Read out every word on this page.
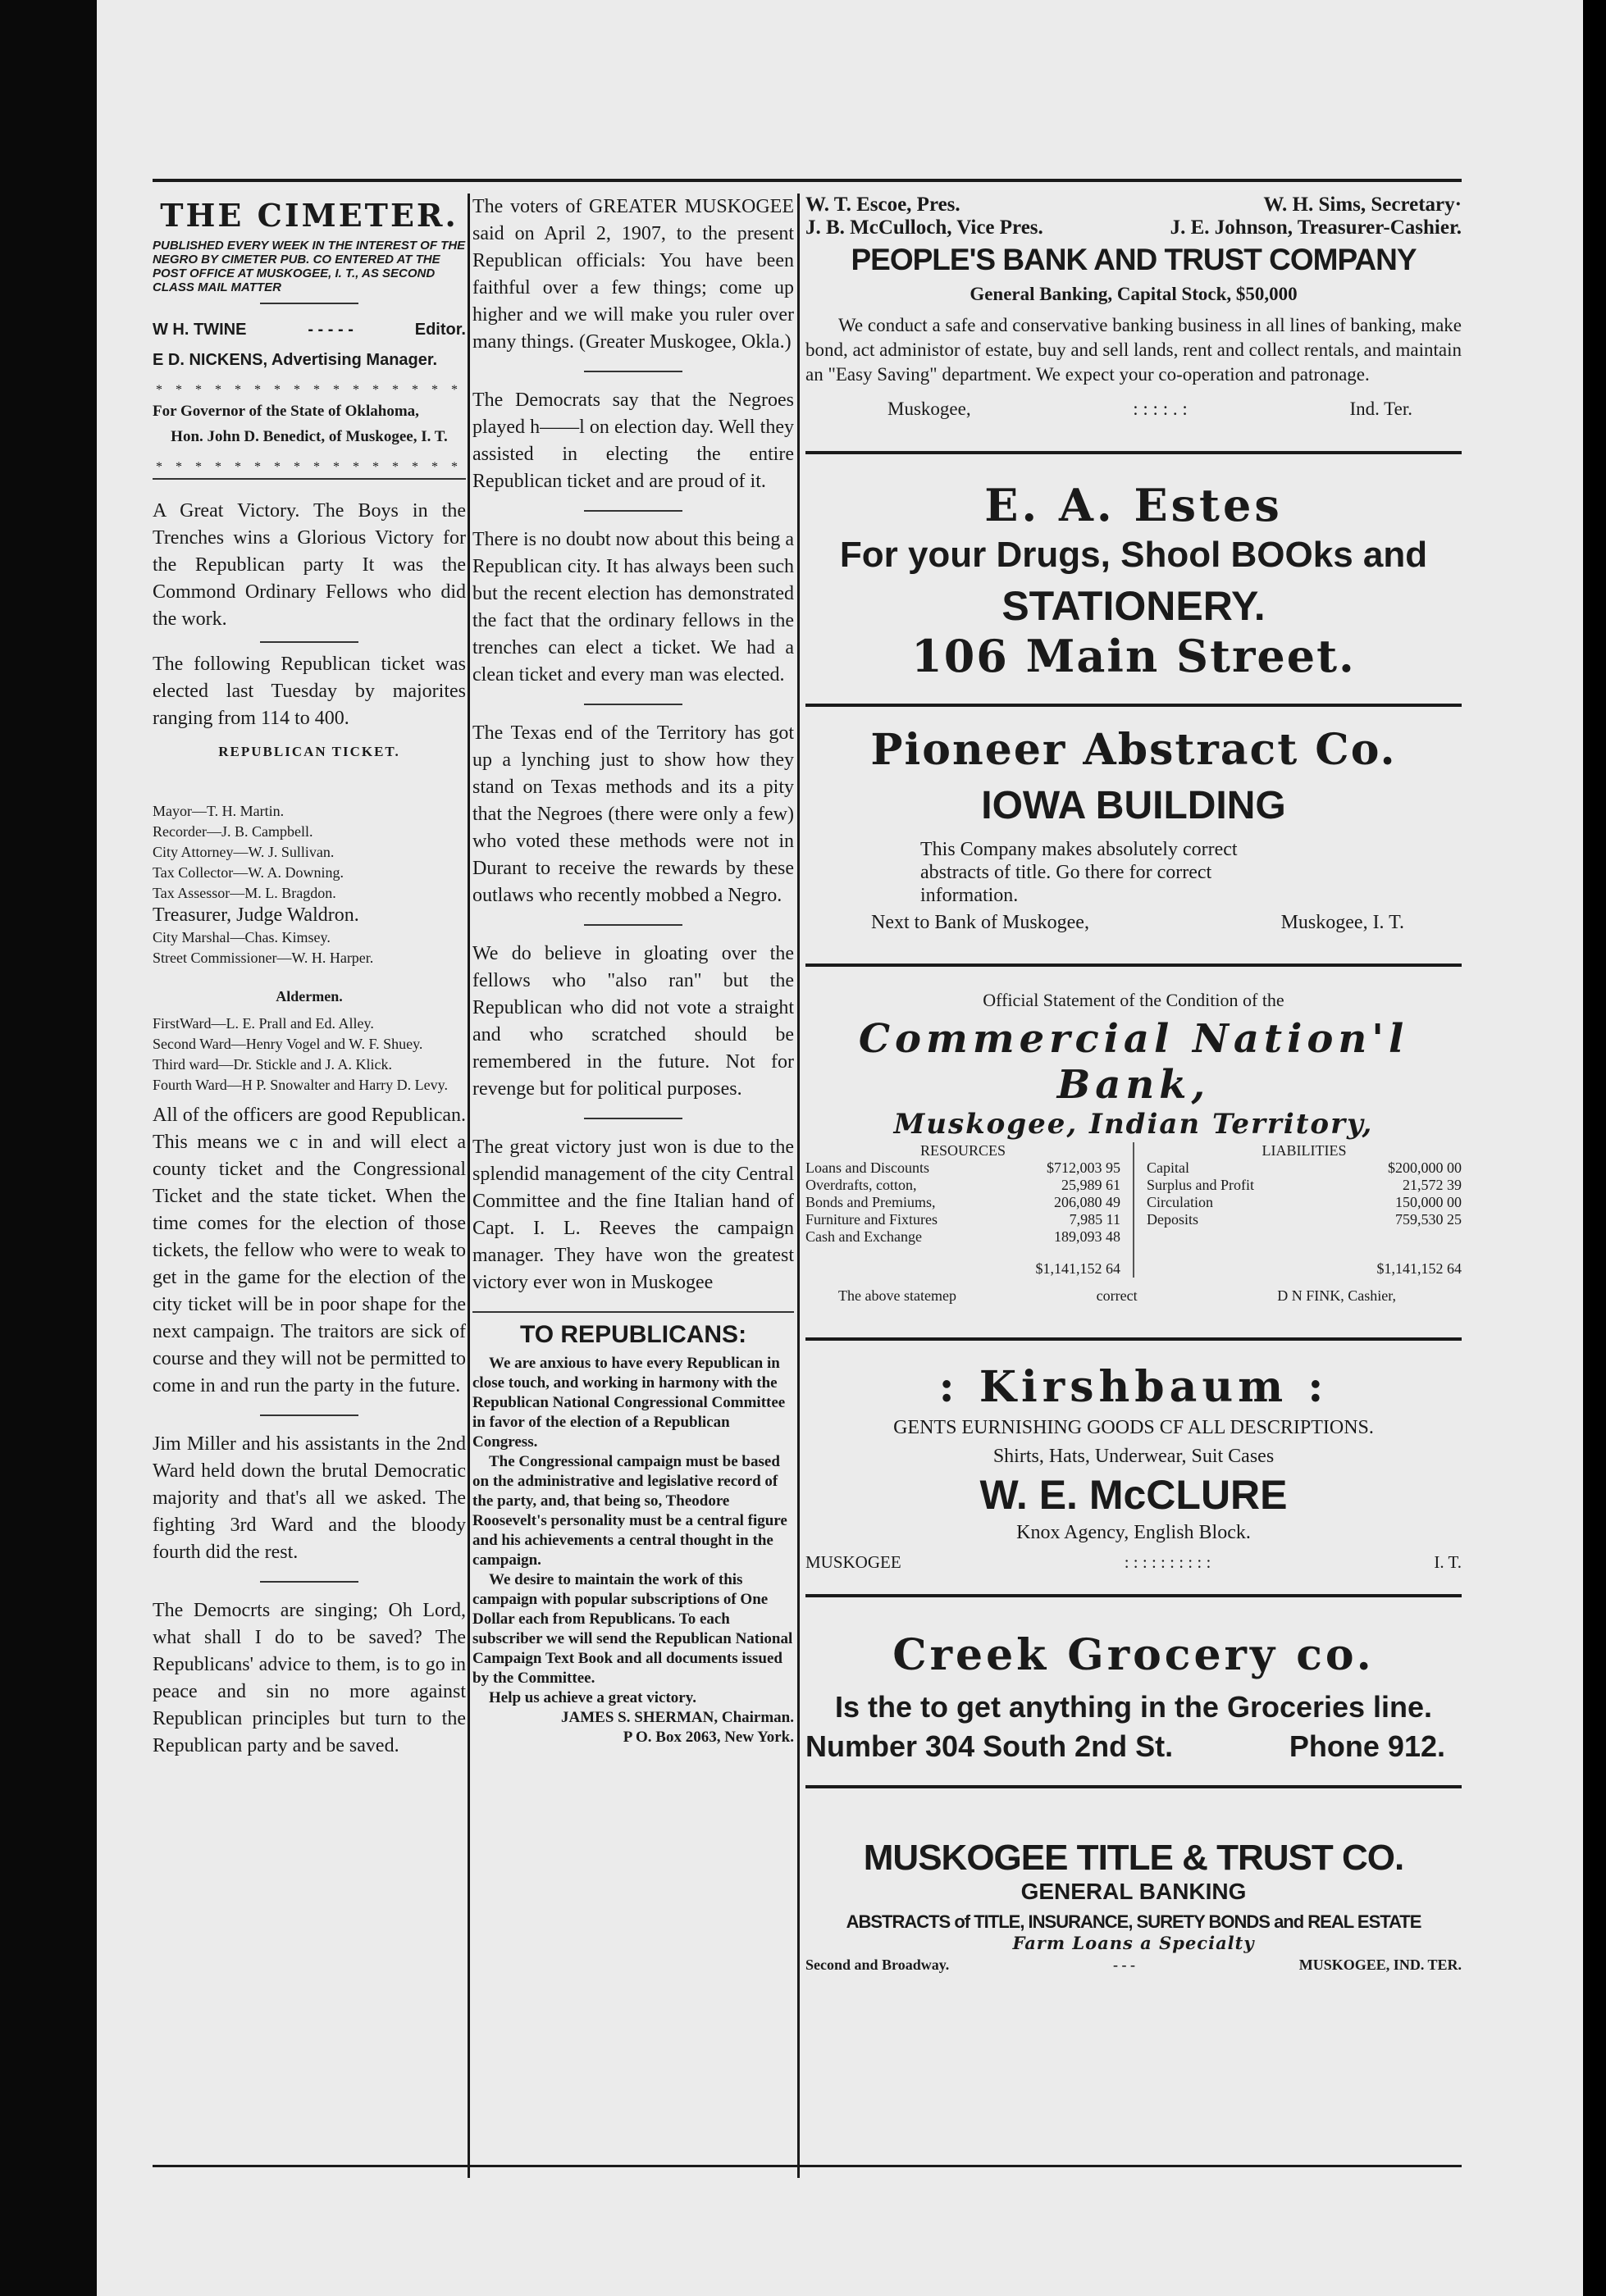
THE CIMETER.
PUBLISHED EVERY WEEK IN THE INTEREST OF THE NEGRO BY CIMETER PUB. CO ENTERED AT THE POST OFFICE AT MUSKOGEE, I. T., AS SECOND CLASS MAIL MATTER
W H. TWINE	- - - - -	Editor.
E D. NICKENS, Advertising Manager.
* * * * * * * * * * * * * * * *

For Governor of the State of Oklahoma,

Hon. John D. Benedict, of Muskogee, I. T.

* * * * * * * * * * * * * * * *

A Great Victory. The Boys in the Trenches wins a Glorious Victory for the Republican party It was the Commond Ordinary Fellows who did the work.

The following Republican ticket was elected last Tuesday by majorites ranging from 114 to 400.

REPUBLICAN TICKET.

Mayor—T. H. Martin.

Recorder—J. B. Campbell.

City Attorney—W. J. Sullivan.

Tax Collector—W. A. Downing.

Tax Assessor—M. L. Bragdon.

Treasurer, Judge Waldron.

City Marshal—Chas. Kimsey.

Street Commissioner—W. H. Harper.

Aldermen.

FirstWard—L. E. Prall and Ed. Alley.

Second Ward—Henry Vogel and W. F. Shuey.

Third ward—Dr. Stickle and J. A. Klick.

Fourth Ward—H P. Snowalter and Harry D. Levy.

All of the officers are good Republican. This means we c in and will elect a county ticket and the Congressional Ticket and the state ticket. When the time comes for the election of those tickets, the fellow who were to weak to get in the game for the election of the city ticket will be in poor shape for the next campaign. The traitors are sick of course and they will not be permitted to come in and run the party in the future.

Jim Miller and his assistants in the 2nd Ward held down the brutal Democratic majority and that's all we asked. The fighting 3rd Ward and the bloody fourth did the rest.

The Democrts are singing; Oh Lord, what shall I do to be saved? The Republicans' advice to them, is to go in peace and sin no more against Republican principles but turn to the Republican party and be saved.

The voters of GREATER MUSKOGEE said on April 2, 1907, to the present Republican officials: You have been faithful over a few things; come up higher and we will make you ruler over many things. (Greater Muskogee, Okla.)

The Democrats say that the Negroes played h——l on election day. Well they assisted in electing the entire Republican ticket and are proud of it.

There is no doubt now about this being a Republican city. It has always been such but the recent election has demonstrated the fact that the ordinary fellows in the trenches can elect a ticket. We had a clean ticket and every man was elected.

The Texas end of the Territory has got up a lynching just to show how they stand on Texas methods and its a pity that the Negroes (there were only a few) who voted these methods were not in Durant to receive the rewards by these outlaws who recently mobbed a Negro.

We do believe in gloating over the fellows who "also ran" but the Republican who did not vote a straight and who scratched should be remembered in the future. Not for revenge but for political purposes.

The great victory just won is due to the splendid management of the city Central Committee and the fine Italian hand of Capt. I. L. Reeves the campaign manager. They have won the greatest victory ever won in Muskogee

TO REPUBLICANS:

We are anxious to have every Republican in close touch, and working in harmony with the Republican National Congressional Committee in favor of the election of a Republican Congress.

The Congressional campaign must be based on the administrative and legislative record of the party, and, that being so, Theodore Roosevelt's personality must be a central figure and his achievements a central thought in the campaign.

We desire to maintain the work of this campaign with popular subscriptions of One Dollar each from Republicans. To each subscriber we will send the Republican National Campaign Text Book and all documents issued by the Committee.

Help us achieve a great victory.

JAMES S. SHERMAN, Chairman.

P O. Box 2063, New York.

W. T. Escoe, Pres.	W. H. Sims, Secretary·
J. B. McCulloch, Vice Pres.	J. E. Johnson, Treasurer-Cashier.

PEOPLE'S BANK AND TRUST COMPANY

General Banking, Capital Stock, $50,000

We conduct a safe and conservative banking business in all lines of banking, make bond, act administor of estate, buy and sell lands, rent and collect rentals, and maintain an "Easy Saving" department. We expect your co-operation and patronage.

Muskogee,	: : : : . :	Ind. Ter.

E. A. Estes

For your Drugs, Shool BOOks and

STATIONERY.

106 Main Street.

Pioneer Abstract Co.

IOWA BUILDING

This Company makes absolutely correct abstracts of title. Go there for correct information.

Next to Bank of Muskogee,	Muskogee, I. T.

Official Statement of the Condition of the

Commercial Nation'l Bank,

Muskogee, Indian Territory,

RESOURCES

Loans and Discounts	$712,003 95
Overdrafts, cotton,	25,989 61
Bonds and Premiums,	206,080 49
Furniture and Fixtures	7,985 11
Cash and Exchange	189,093 48

$1,141,152 64

LIABILITIES

Capital	$200,000 00
Surplus and Profit	21,572 39
Circulation	150,000 00
Deposits	759,530 25

$1,141,152 64

The above statemep	correct	D N FINK, Cashier,

: Kirshbaum :

GENTS EURNISHING GOODS CF ALL DESCRIPTIONS.

Shirts, Hats, Underwear, Suit Cases

W. E. McCLURE

Knox Agency, English Block.

MUSKOGEE	: : : : : : : : : :	I. T.

Creek Grocery co.

Is the to get anything in the Groceries line.

Number 304 South 2nd St.	Phone 912.

MUSKOGEE TITLE & TRUST CO.

GENERAL BANKING

ABSTRACTS of TITLE, INSURANCE, SURETY BONDS and REAL ESTATE

Farm Loans a Specialty

Second and Broadway.	- - -	MUSKOGEE, IND. TER.
